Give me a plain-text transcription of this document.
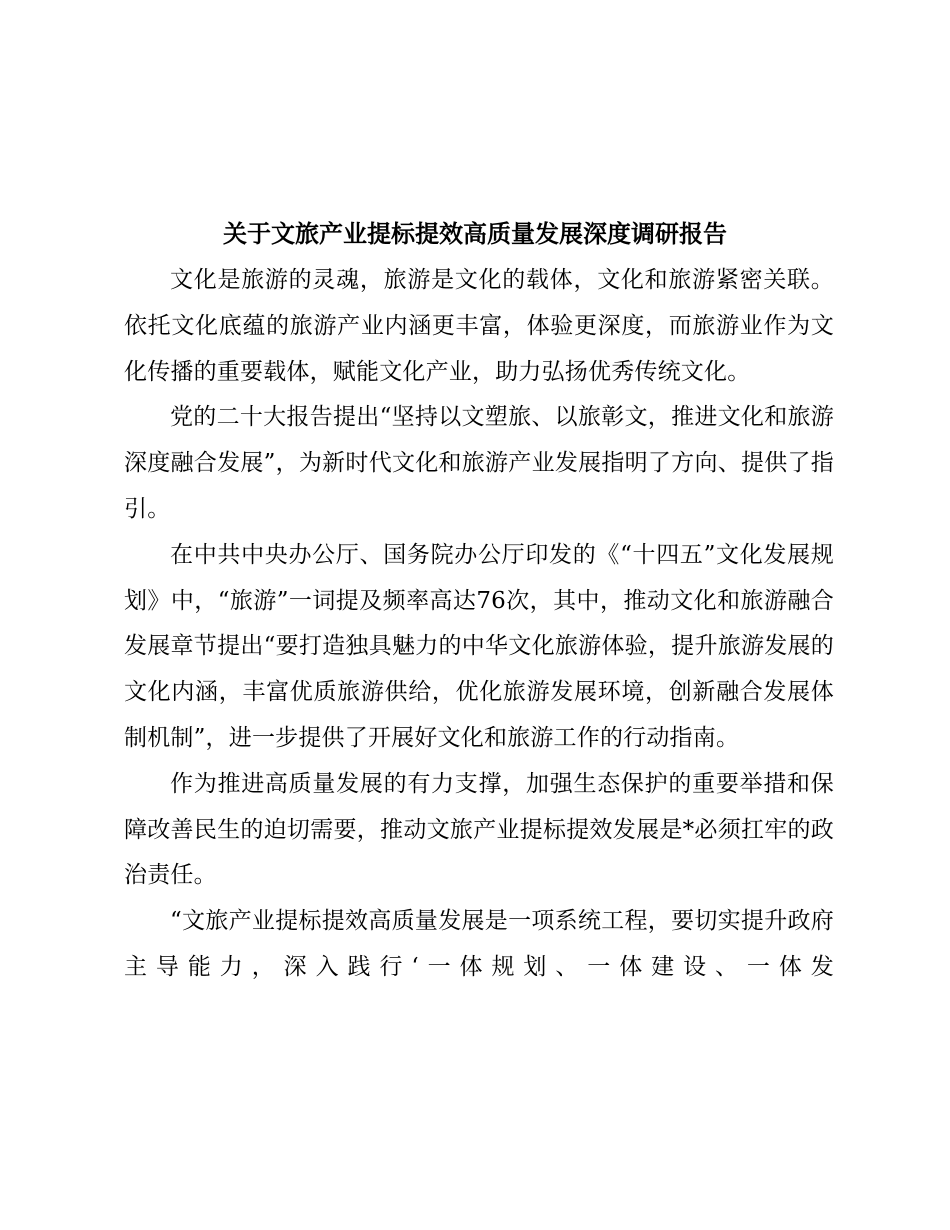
关于文旅产业提标提效高质量发展深度调研报告

文化是旅游的灵魂，旅游是文化的载体，文化和旅游紧密关联。依托文化底蕴的旅游产业内涵更丰富，体验更深度，而旅游业作为文化传播的重要载体，赋能文化产业，助力弘扬优秀传统文化。

党的二十大报告提出“坚持以文塑旅、以旅彰文，推进文化和旅游深度融合发展”，为新时代文化和旅游产业发展指明了方向、提供了指引。

在中共中央办公厅、国务院办公厅印发的《“十四五”文化发展规划》中，“旅游”一词提及频率高达76次，其中，推动文化和旅游融合发展章节提出“要打造独具魅力的中华文化旅游体验，提升旅游发展的文化内涵，丰富优质旅游供给，优化旅游发展环境，创新融合发展体制机制”，进一步提供了开展好文化和旅游工作的行动指南。

作为推进高质量发展的有力支撑，加强生态保护的重要举措和保障改善民生的迫切需要，推动文旅产业提标提效发展是*必须扛牢的政治责任。

“文旅产业提标提效高质量发展是一项系统工程，要切实提升政府主导能力，深入践行‘一体规划、一体建设、一体发
